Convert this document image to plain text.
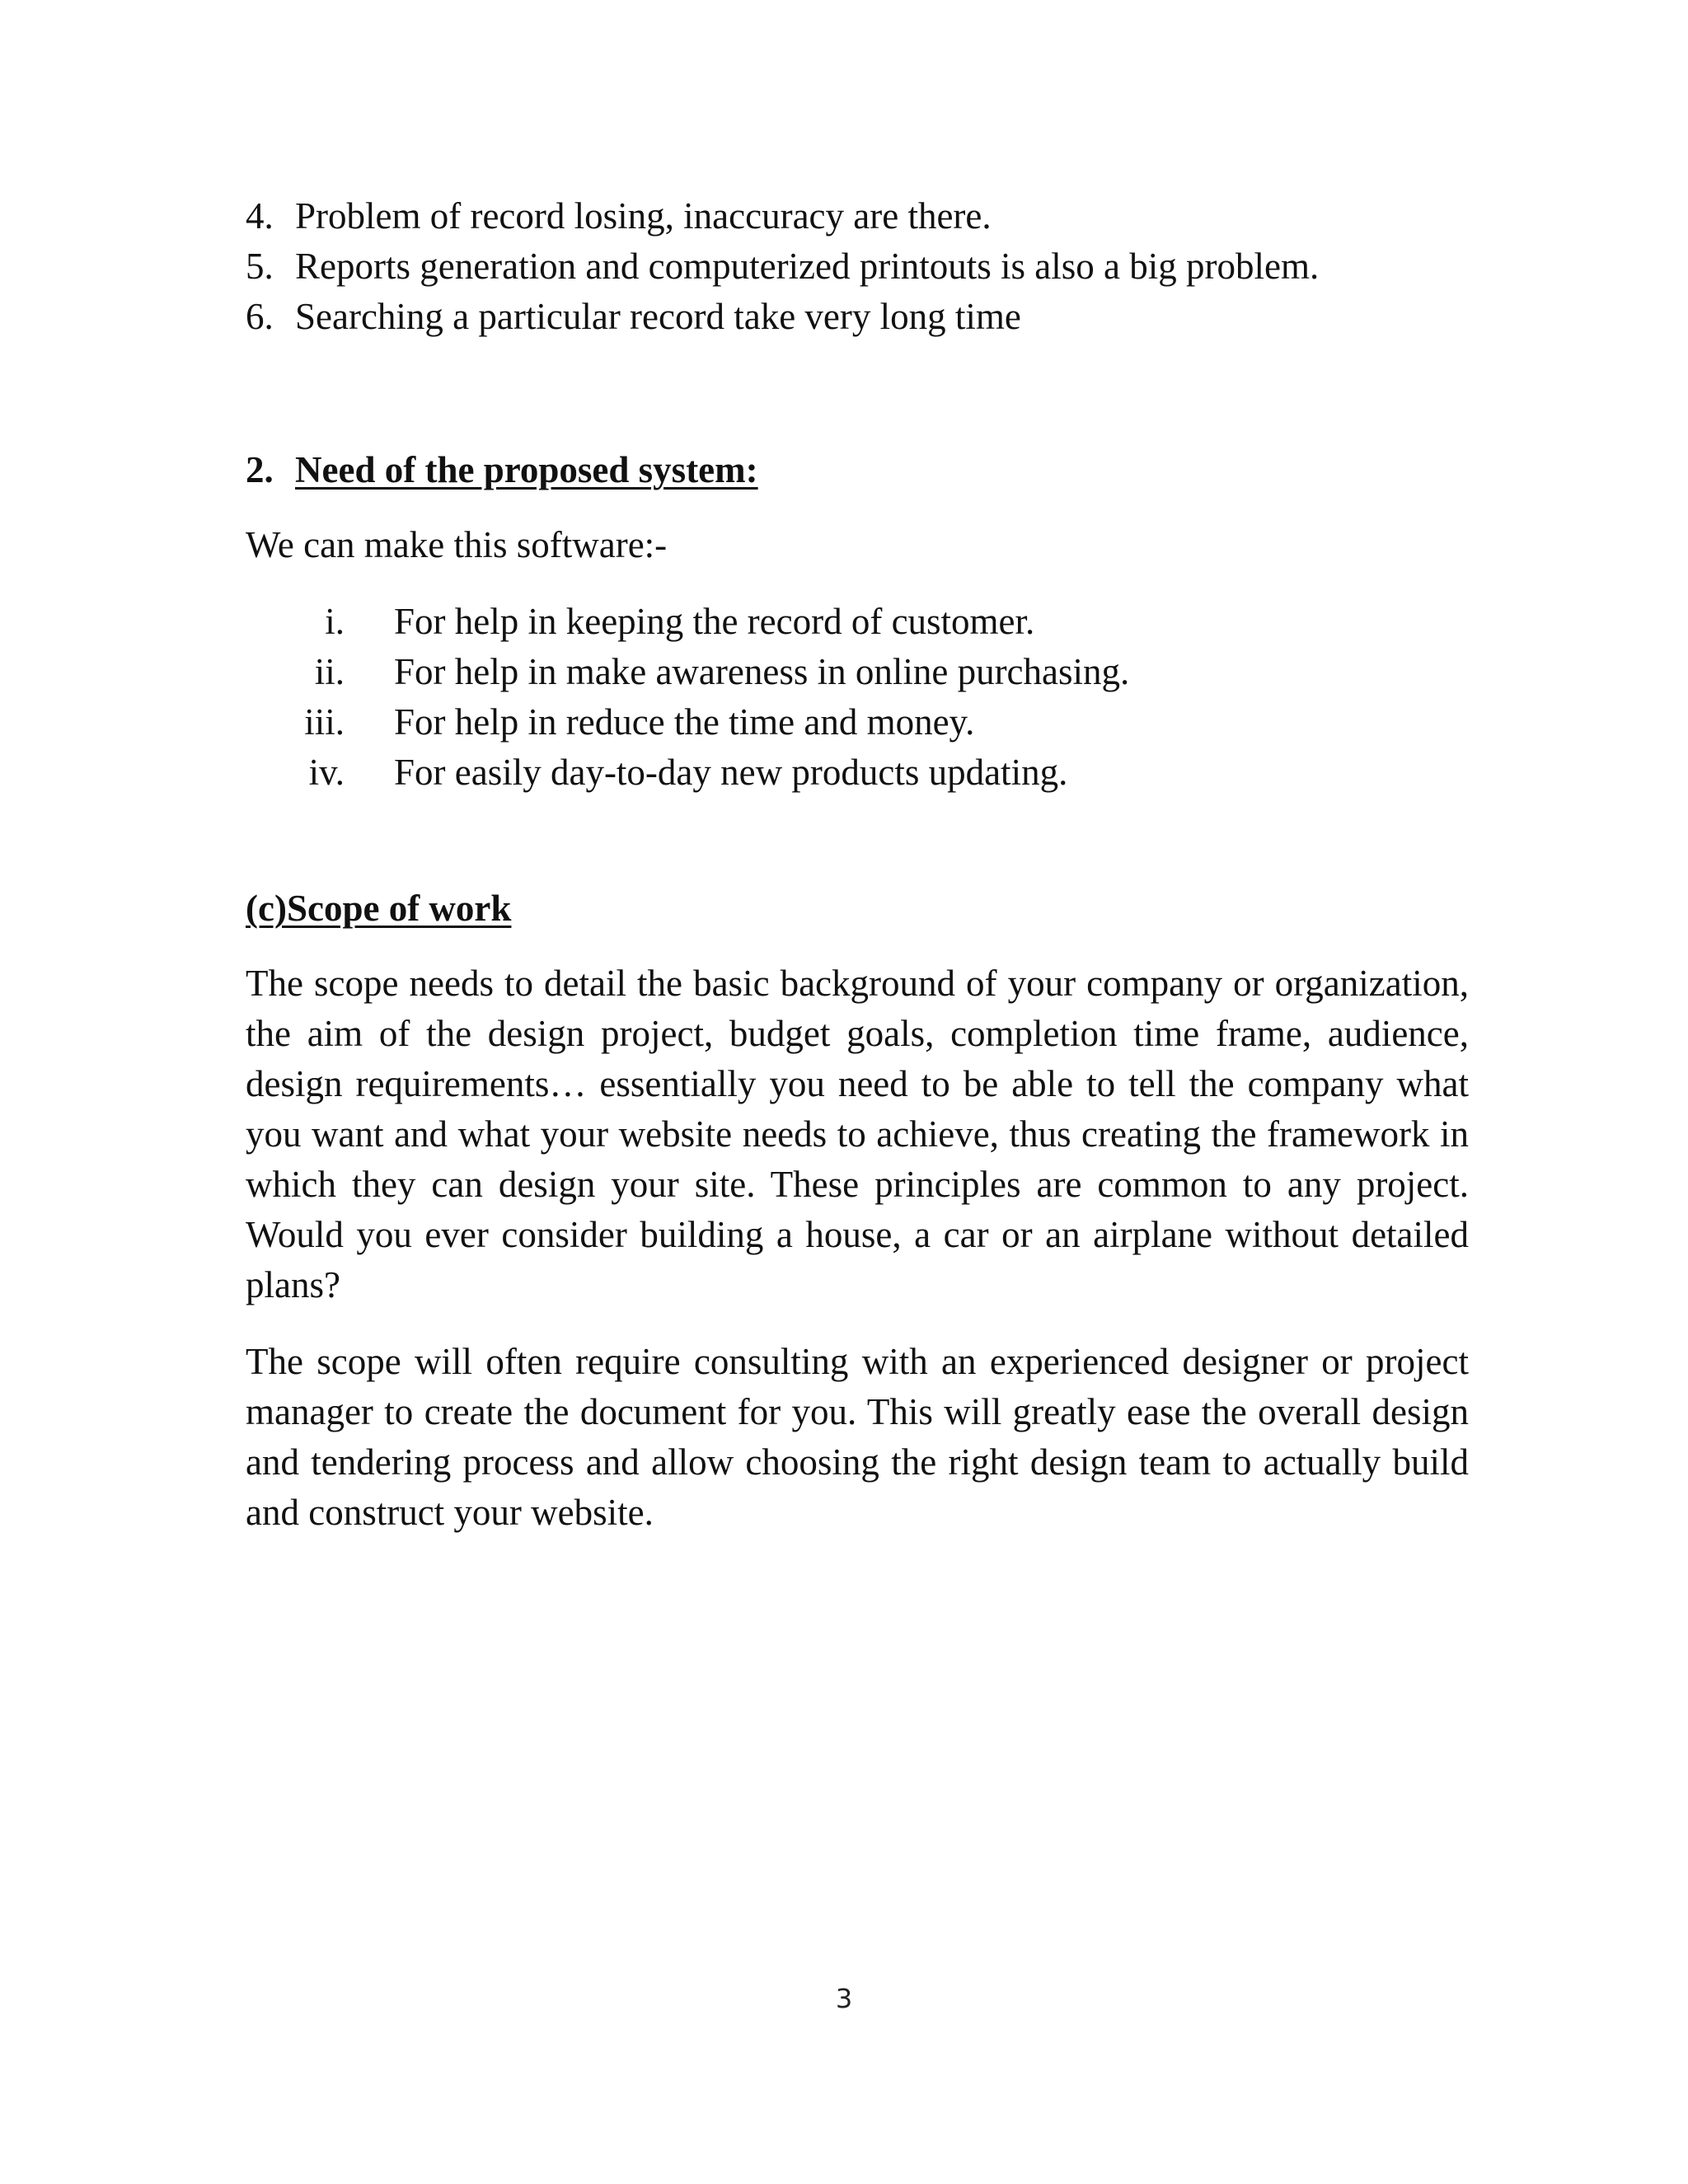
4. Problem of record losing, inaccuracy are there.
5. Reports generation and computerized printouts is also a big problem.
6. Searching a particular record take very long time
2. Need of the proposed system:

We can make this software:-

i.	For help in keeping the record of customer.
ii.	For help in make awareness in online purchasing.
iii.	For help in reduce the time and money.
iv.	For easily day-to-day new products updating.
(c)Scope of work

The scope needs to detail the basic background of your company or organization, the aim of the design project, budget goals, completion time frame, audience, design requirements… essentially you need to be able to tell the company what you want and what your website needs to achieve, thus creating the framework in which they can design your site. These principles are common to any project. Would you ever consider building a house, a car or an airplane without detailed plans?

The scope will often require consulting with an experienced designer or project manager to create the document for you. This will greatly ease the overall design and tendering process and allow choosing the right design team to actually build and construct your website.

3
